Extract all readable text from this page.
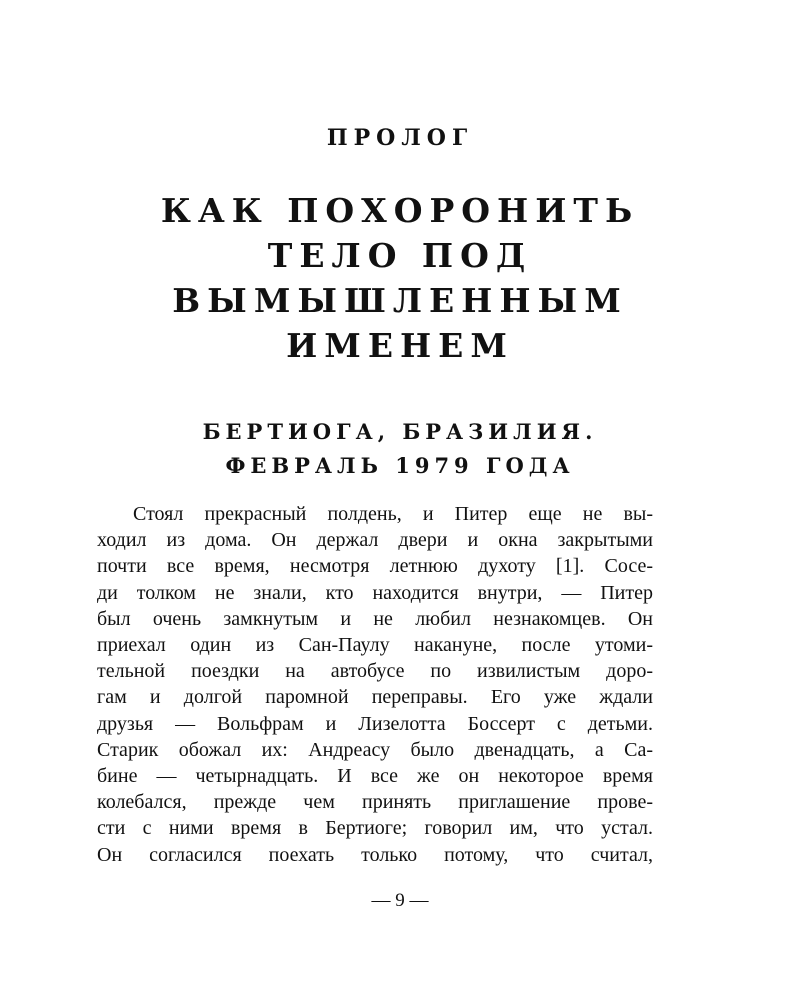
ПРОЛОГ
КАК ПОХОРОНИТЬ
ТЕЛО ПОД
ВЫМЫШЛЕННЫМ
ИМЕНЕМ
БЕРТИОГА, БРАЗИЛИЯ.
ФЕВРАЛЬ 1979 ГОДА
Стоял прекрасный полдень, и Питер еще не вы-
ходил из дома. Он держал двери и окна закрытыми
почти все время, несмотря летнюю духоту [1]. Сосе-
ди толком не знали, кто находится внутри, — Питер
был очень замкнутым и не любил незнакомцев. Он
приехал один из Сан-Паулу накануне, после утоми-
тельной поездки на автобусе по извилистым доро-
гам и долгой паромной переправы. Его уже ждали
друзья — Вольфрам и Лизелотта Боссерт с детьми.
Старик обожал их: Андреасу было двенадцать, а Са-
бине — четырнадцать. И все же он некоторое время
колебался, прежде чем принять приглашение прове-
сти с ними время в Бертиоге; говорил им, что устал.
Он согласился поехать только потому, что считал,
— 9 —
